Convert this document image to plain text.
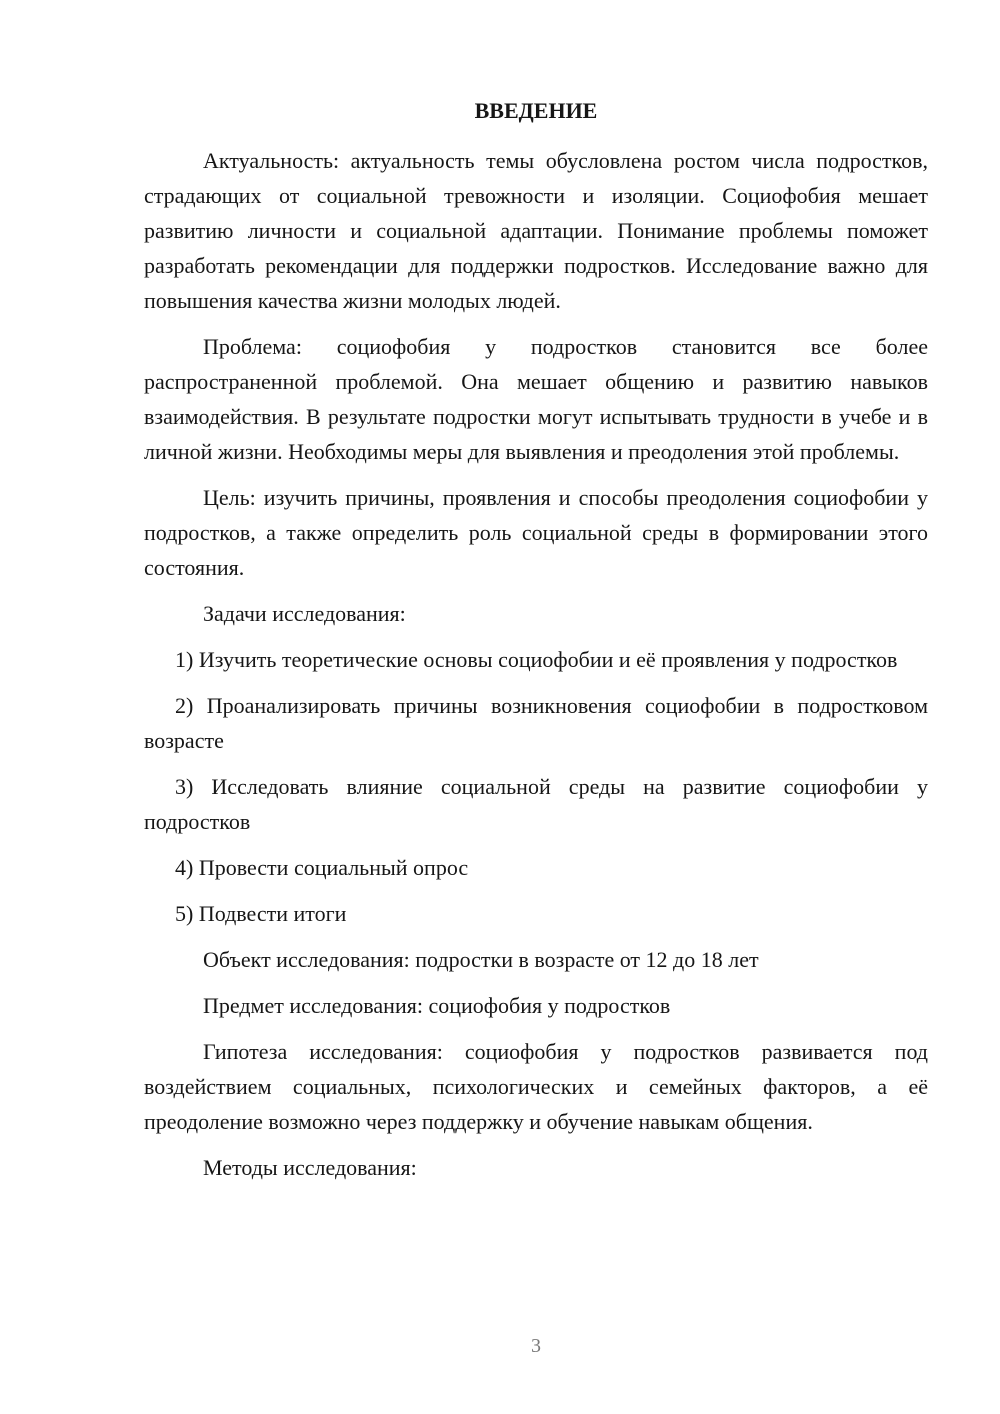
ВВЕДЕНИЕ

Актуальность: актуальность темы обусловлена ростом числа подростков, страдающих от социальной тревожности и изоляции. Социофобия мешает развитию личности и социальной адаптации. Понимание проблемы поможет разработать рекомендации для поддержки подростков. Исследование важно для повышения качества жизни молодых людей.

Проблема: социофобия у подростков становится все более распространенной проблемой. Она мешает общению и развитию навыков взаимодействия. В результате подростки могут испытывать трудности в учебе и в личной жизни. Необходимы меры для выявления и преодоления этой проблемы.

Цель: изучить причины, проявления и способы преодоления социофобии у подростков, а также определить роль социальной среды в формировании этого состояния.

Задачи исследования:

1) Изучить теоретические основы социофобии и её проявления у подростков

2) Проанализировать причины возникновения социофобии в подростковом возрасте

3) Исследовать влияние социальной среды на развитие социофобии у подростков

4) Провести социальный опрос

5) Подвести итоги

Объект исследования: подростки в возрасте от 12 до 18 лет

Предмет исследования: социофобия у подростков

Гипотеза исследования: социофобия у подростков развивается под воздействием социальных, психологических и семейных факторов, а её преодоление возможно через поддержку и обучение навыкам общения.

Методы исследования:

3
